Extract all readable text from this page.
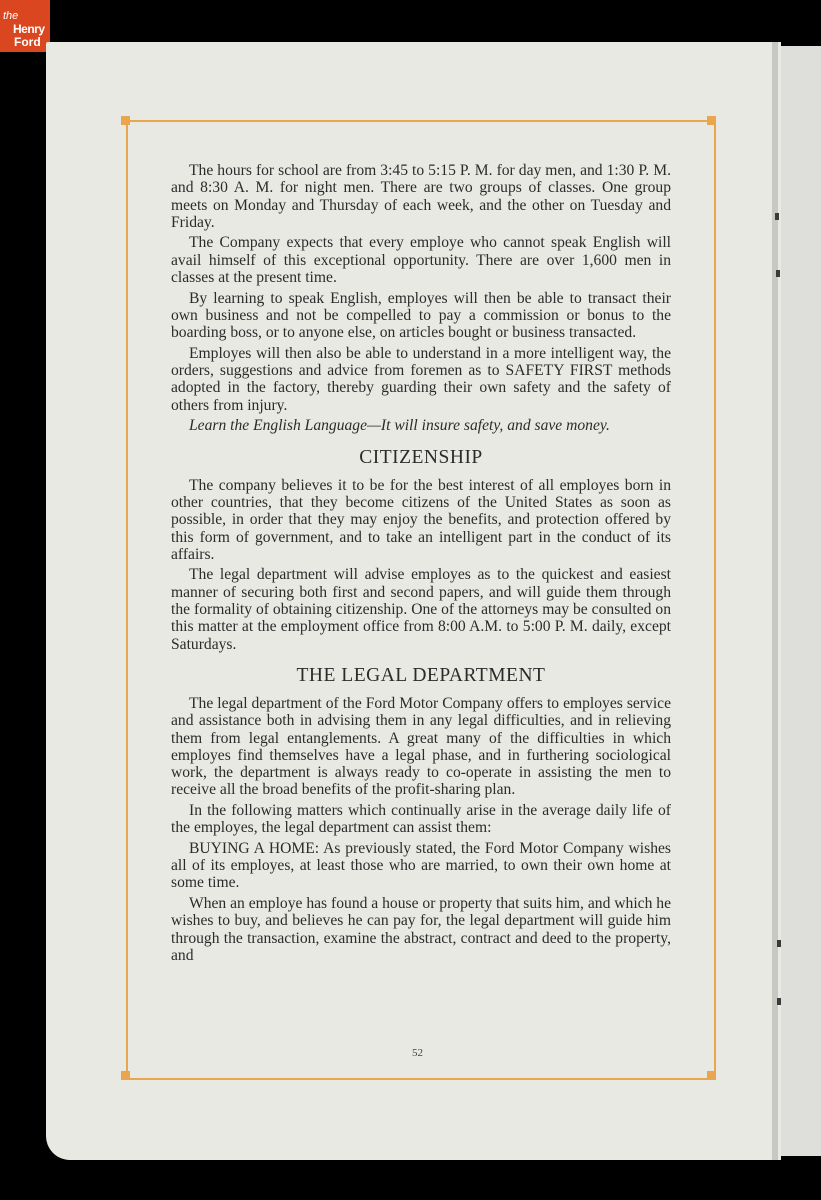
the
Henry
Ford

The hours for school are from 3:45 to 5:15 P. M. for day men, and 1:30 P. M. and 8:30 A. M. for night men. There are two groups of classes. One group meets on Monday and Thursday of each week, and the other on Tuesday and Friday.

The Company expects that every employe who cannot speak English will avail himself of this exceptional opportunity. There are over 1,600 men in classes at the present time.

By learning to speak English, employes will then be able to transact their own business and not be compelled to pay a commission or bonus to the boarding boss, or to anyone else, on articles bought or business transacted.

Employes will then also be able to understand in a more intelligent way, the orders, suggestions and advice from foremen as to SAFETY FIRST methods adopted in the factory, thereby guarding their own safety and the safety of others from injury.

Learn the English Language—It will insure safety, and save money.

CITIZENSHIP

The company believes it to be for the best interest of all employes born in other countries, that they become citizens of the United States as soon as possible, in order that they may enjoy the benefits, and protection offered by this form of government, and to take an intelligent part in the conduct of its affairs.

The legal department will advise employes as to the quickest and easiest manner of securing both first and second papers, and will guide them through the formality of obtaining citizenship. One of the attorneys may be consulted on this matter at the employment office from 8:00 A.M. to 5:00 P. M. daily, except Saturdays.

THE LEGAL DEPARTMENT

The legal department of the Ford Motor Company offers to employes service and assistance both in advising them in any legal difficulties, and in relieving them from legal entanglements. A great many of the difficulties in which employes find themselves have a legal phase, and in furthering sociological work, the department is always ready to co-operate in assisting the men to receive all the broad benefits of the profit-sharing plan.

In the following matters which continually arise in the average daily life of the employes, the legal department can assist them:

BUYING A HOME: As previously stated, the Ford Motor Company wishes all of its employes, at least those who are married, to own their own home at some time.

When an employe has found a house or property that suits him, and which he wishes to buy, and believes he can pay for, the legal department will guide him through the transaction, examine the abstract, contract and deed to the property, and

52
